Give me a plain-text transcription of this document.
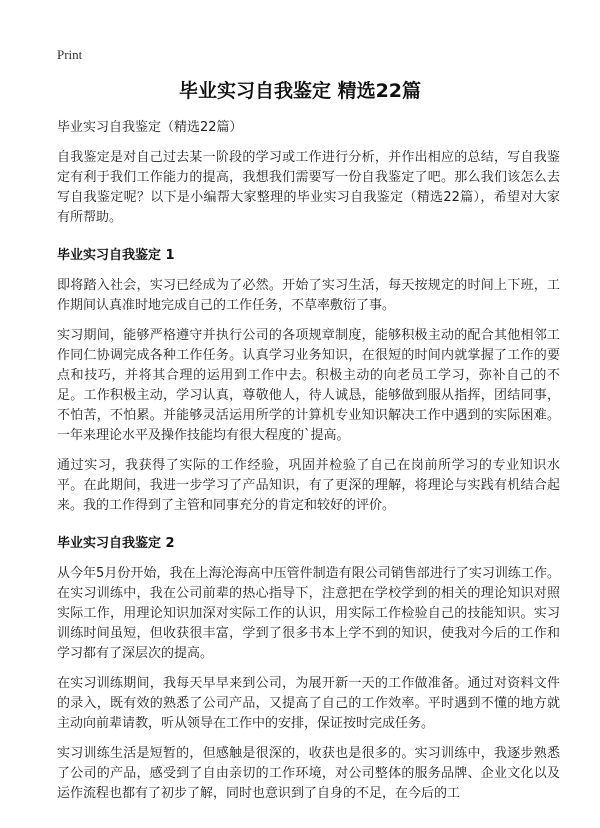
Print
毕业实习自我鉴定 精选22篇
毕业实习自我鉴定（精选22篇）

自我鉴定是对自己过去某一阶段的学习或工作进行分析，并作出相应的总结，写自我鉴定有利于我们工作能力的提高，我想我们需要写一份自我鉴定了吧。那么我们该怎么去写自我鉴定呢？以下是小编帮大家整理的毕业实习自我鉴定（精选22篇），希望对大家有所帮助。

毕业实习自我鉴定 1

即将踏入社会，实习已经成为了必然。开始了实习生活，每天按规定的时间上下班，工作期间认真准时地完成自己的工作任务，不草率敷衍了事。

实习期间，能够严格遵守并执行公司的各项规章制度，能够积极主动的配合其他相邻工作同仁协调完成各种工作任务。认真学习业务知识，在很短的时间内就掌握了工作的要点和技巧，并将其合理的运用到工作中去。积极主动的向老员工学习，弥补自己的不足。工作积极主动，学习认真，尊敬他人，待人诚恳，能够做到服从指挥，团结同事，不怕苦，不怕累。并能够灵活运用所学的计算机专业知识解决工作中遇到的实际困难。一年来理论水平及操作技能均有很大程度的`提高。

通过实习，我获得了实际的工作经验，巩固并检验了自己在岗前所学习的专业知识水平。在此期间，我进一步学习了产品知识，有了更深的理解，将理论与实践有机结合起来。我的工作得到了主管和同事充分的肯定和较好的评价。

毕业实习自我鉴定 2

从今年5月份开始，我在上海沦海高中压管件制造有限公司销售部进行了实习训练工作。在实习训练中，我在公司前辈的热心指导下，注意把在学校学到的相关的理论知识对照实际工作，用理论知识加深对实际工作的认识，用实际工作检验自己的技能知识。实习训练时间虽短，但收获很丰富，学到了很多书本上学不到的知识，使我对今后的工作和学习都有了深层次的提高。

在实习训练期间，我每天早早来到公司，为展开新一天的工作做准备。通过对资料文件的录入，既有效的熟悉了公司产品，又提高了自己的工作效率。平时遇到不懂的地方就主动向前辈请教，听从领导在工作中的安排，保证按时完成任务。

实习训练生活是短暂的，但感触是很深的，收获也是很多的。实习训练中，我逐步熟悉了公司的产品，感受到了自由亲切的工作环境，对公司整体的服务品牌、企业文化以及运作流程也都有了初步了解，同时也意识到了自身的不足，在今后的工
